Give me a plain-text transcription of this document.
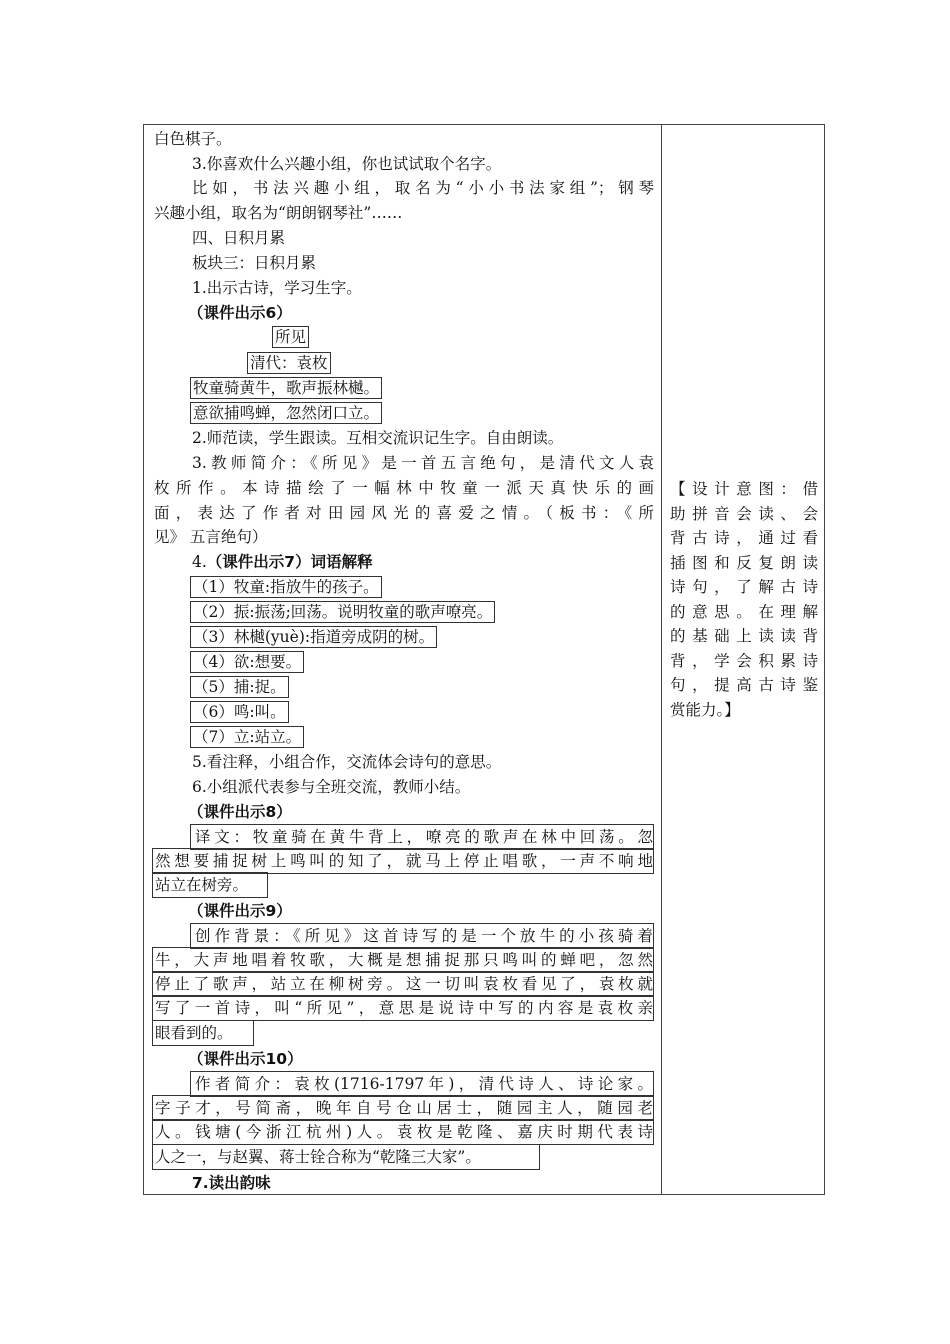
白色棋子。
3.你喜欢什么兴趣小组，你也试试取个名字。
比如，书法兴趣小组，取名为“小小书法家组”；钢琴
兴趣小组，取名为“朗朗钢琴社”……
四、日积月累
板块三：日积月累
1.出示古诗，学习生字。
（课件出示6）
所见
清代：袁枚
牧童骑黄牛，歌声振林樾。
意欲捕鸣蝉，忽然闭口立。
2.师范读，学生跟读。互相交流识记生字。自由朗读。
3.教师简介：《所见》是一首五言绝句，是清代文人袁
枚所作。本诗描绘了一幅林中牧童一派天真快乐的画
面，表达了作者对田园风光的喜爱之情。（板书：《所
见》 五言绝句）
4.（课件出示7）词语解释
（1）牧童:指放牛的孩子。
（2）振:振荡;回荡。说明牧童的歌声嘹亮。
（3）林樾(yuè):指道旁成阴的树。
（4）欲:想要。
（5）捕:捉。
（6）鸣:叫。
（7）立:站立。
5.看注释，小组合作，交流体会诗句的意思。
6.小组派代表参与全班交流，教师小结。
（课件出示8）
译文：牧童骑在黄牛背上，嘹亮的歌声在林中回荡。忽
然想要捕捉树上鸣叫的知了，就马上停止唱歌，一声不响地
站立在树旁。
（课件出示9）
创作背景：《所见》这首诗写的是一个放牛的小孩骑着
牛，大声地唱着牧歌，大概是想捕捉那只鸣叫的蝉吧，忽然
停止了歌声，站立在柳树旁。这一切叫袁枚看见了，袁枚就
写了一首诗，叫“所见”，意思是说诗中写的内容是袁枚亲
眼看到的。
（课件出示10）
作者简介：袁枚(1716-1797年)，清代诗人、诗论家。
字子才，号简斋，晚年自号仓山居士，随园主人，随园老
人。钱塘(今浙江杭州)人。袁枚是乾隆、嘉庆时期代表诗
人之一，与赵翼、蒋士铨合称为“乾隆三大家”。
7.读出韵味
【设计意图：借
助拼音会读、会
背古诗，通过看
插图和反复朗读
诗句，了解古诗
的意思。在理解
的基础上读读背
背，学会积累诗
句，提高古诗鉴
赏能力。】
